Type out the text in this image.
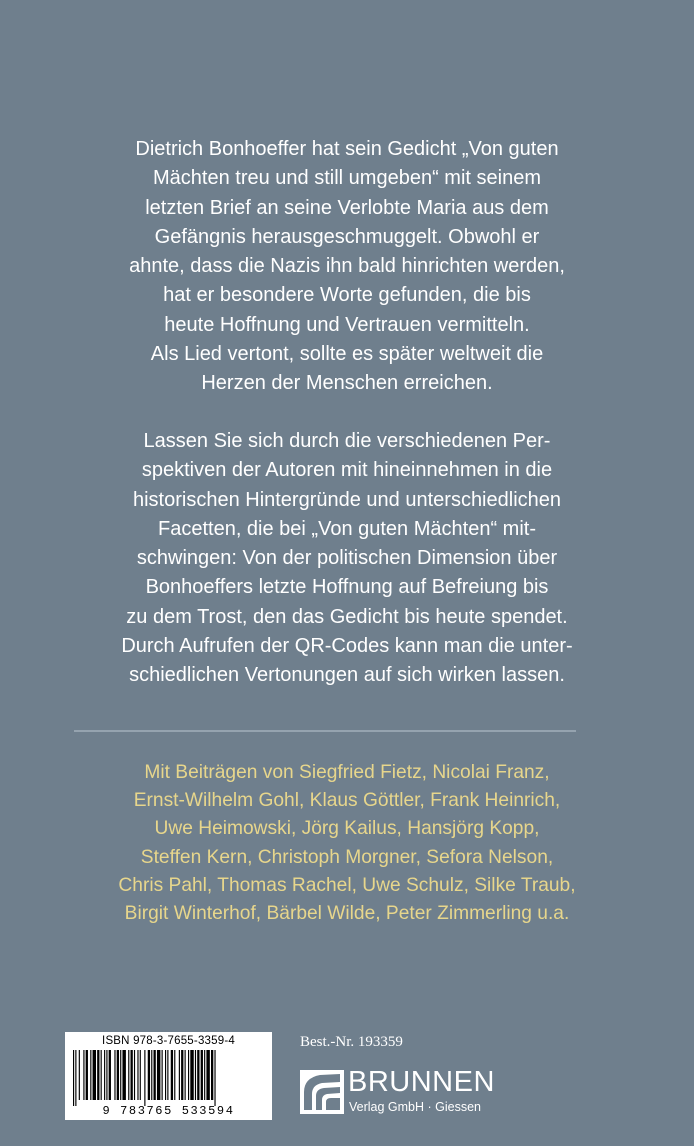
Dietrich Bonhoeffer hat sein Gedicht „Von guten
Mächten treu und still umgeben“ mit seinem
letzten Brief an seine Verlobte Maria aus dem
Gefängnis herausgeschmuggelt. Obwohl er
ahnte, dass die Nazis ihn bald hinrichten werden,
hat er besondere Worte gefunden, die bis
heute Hoffnung und Vertrauen vermitteln.
Als Lied vertont, sollte es später weltweit die
Herzen der Menschen erreichen.
Lassen Sie sich durch die verschiedenen Per-
spektiven der Autoren mit hineinnehmen in die
historischen Hintergründe und unterschiedlichen
Facetten, die bei „Von guten Mächten“ mit-
schwingen: Von der politischen Dimension über
Bonhoeffers letzte Hoffnung auf Befreiung bis
zu dem Trost, den das Gedicht bis heute spendet.
Durch Aufrufen der QR-Codes kann man die unter-
schiedlichen Vertonungen auf sich wirken lassen.
Mit Beiträgen von Siegfried Fietz, Nicolai Franz,
Ernst-Wilhelm Gohl, Klaus Göttler, Frank Heinrich,
Uwe Heimowski, Jörg Kailus, Hansjörg Kopp,
Steffen Kern, Christoph Morgner, Sefora Nelson,
Chris Pahl, Thomas Rachel, Uwe Schulz, Silke Traub,
Birgit Winterhof, Bärbel Wilde, Peter Zimmerling u.a.
ISBN 978-3-7655-3359-4
9 783765 533594
Best.-Nr. 193359
BRUNNEN
Verlag GmbH · Giessen
